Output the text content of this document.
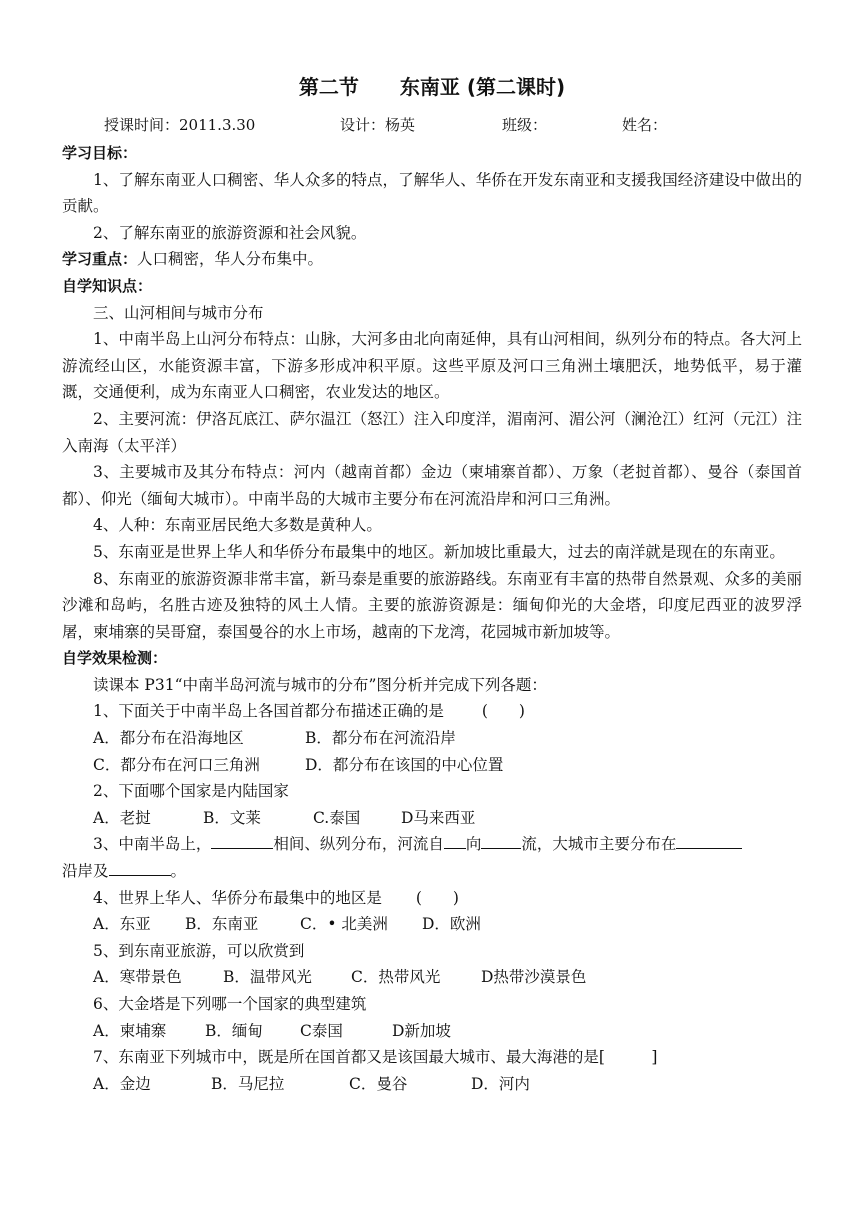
第二节 东南亚 (第二课时)
授课时间：2011.3.30	设计：杨英	班级：	姓名：
学习目标：
1、了解东南亚人口稠密、华人众多的特点，了解华人、华侨在开发东南亚和支援我国经济建设中做出的贡献。
2、了解东南亚的旅游资源和社会风貌。
学习重点：人口稠密，华人分布集中。
自学知识点：
三、山河相间与城市分布
1、中南半岛上山河分布特点：山脉，大河多由北向南延伸，具有山河相间，纵列分布的特点。各大河上游流经山区，水能资源丰富，下游多形成冲积平原。这些平原及河口三角洲土壤肥沃，地势低平，易于灌溉，交通便利，成为东南亚人口稠密，农业发达的地区。
2、主要河流：伊洛瓦底江、萨尔温江（怒江）注入印度洋，湄南河、湄公河（澜沧江）红河（元江）注入南海（太平洋）
3、主要城市及其分布特点：河内（越南首都）金边（柬埔寨首都）、万象（老挝首都）、曼谷（泰国首都）、仰光（缅甸大城市）。中南半岛的大城市主要分布在河流沿岸和河口三角洲。
4、人种：东南亚居民绝大多数是黄种人。
5、东南亚是世界上华人和华侨分布最集中的地区。新加坡比重最大，过去的南洋就是现在的东南亚。
8、东南亚的旅游资源非常丰富，新马泰是重要的旅游路线。东南亚有丰富的热带自然景观、众多的美丽沙滩和岛屿，名胜古迹及独特的风土人情。主要的旅游资源是：缅甸仰光的大金塔，印度尼西亚的波罗浮屠，柬埔寨的吴哥窟，泰国曼谷的水上市场，越南的下龙湾，花园城市新加坡等。
自学效果检测：
读课本 P31“中南半岛河流与城市的分布”图分析并完成下列各题：
1、下面关于中南半岛上各国首都分布描述正确的是 (　　)
A．都分布在沿海地区	B．都分布在河流沿岸
C．都分布在河口三角洲	D．都分布在该国的中心位置
2、下面哪个国家是内陆国家
A．老挝	B．文莱	C.泰国	D马来西亚
3、中南半岛上，	相间、纵列分布，河流自 向	流，大城市主要分布在
沿岸及	。
4、世界上华人、华侨分布最集中的地区是 (　　)
A．东亚 B．东南亚	C．• 北美洲 D．欧洲
5、到东南亚旅游，可以欣赏到
A．寒带景色	B．温带风光	C．热带风光	D热带沙漠景色
6、大金塔是下列哪一个国家的典型建筑
A．柬埔寨	B．缅甸 C泰国	D新加坡
7、东南亚下列城市中，既是所在国首都又是该国最大城市、最大海港的是[　　　]
A．金边	B．马尼拉	C．曼谷	D．河内
